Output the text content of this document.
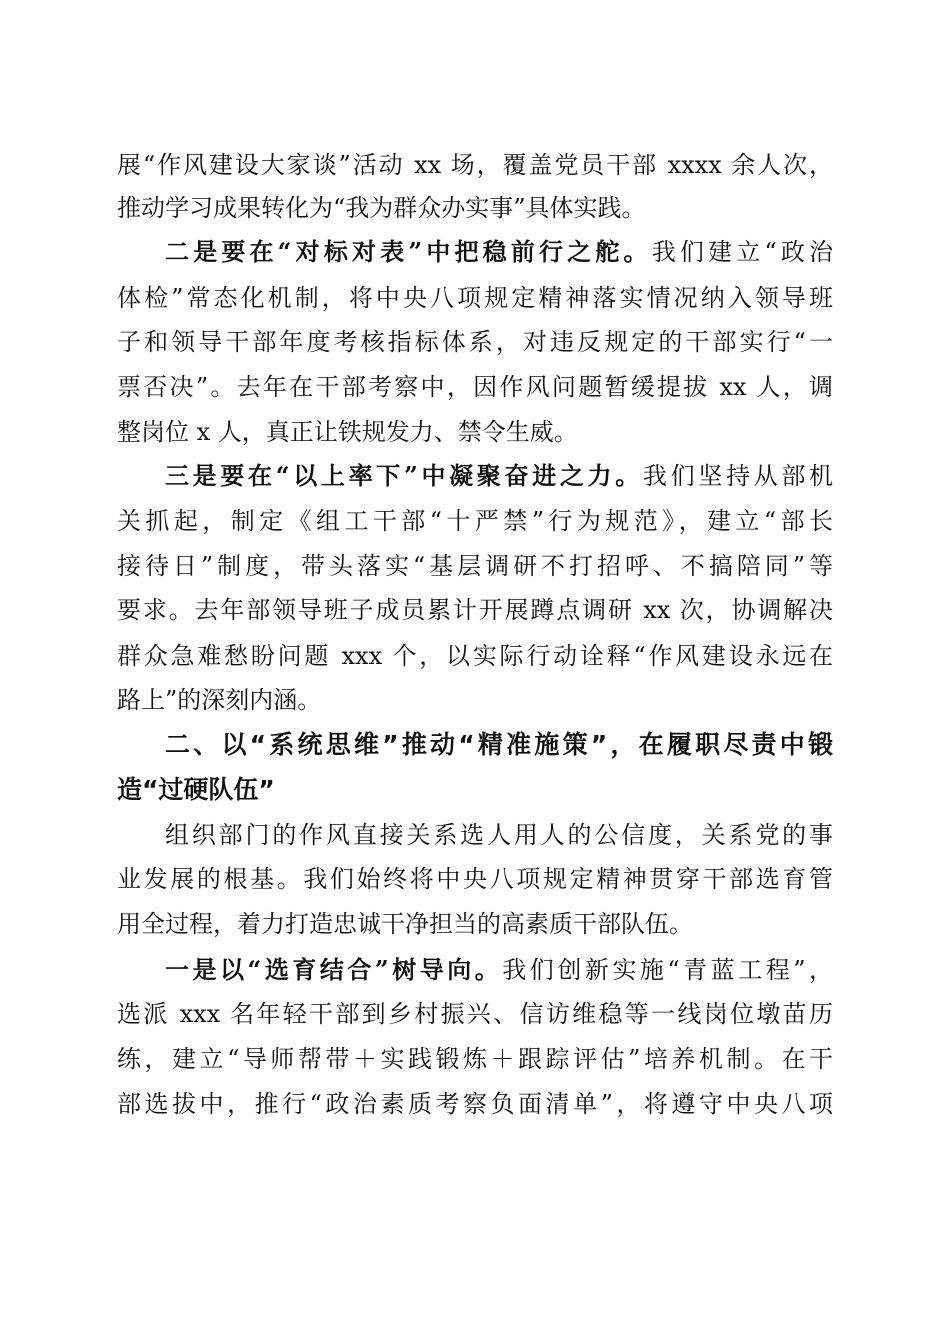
展“作风建设大家谈”活动 xx 场，覆盖党员干部 xxxx 余人次，
推动学习成果转化为“我为群众办实事”具体实践。
二是要在“对标对表”中把稳前行之舵。我们建立“政治
体检”常态化机制，将中央八项规定精神落实情况纳入领导班
子和领导干部年度考核指标体系，对违反规定的干部实行“一
票否决”。去年在干部考察中，因作风问题暂缓提拔 xx 人，调
整岗位 x 人，真正让铁规发力、禁令生威。
三是要在“以上率下”中凝聚奋进之力。我们坚持从部机
关抓起，制定《组工干部“十严禁”行为规范》，建立“部长
接待日”制度，带头落实“基层调研不打招呼、不搞陪同”等
要求。去年部领导班子成员累计开展蹲点调研 xx 次，协调解决
群众急难愁盼问题 xxx 个，以实际行动诠释“作风建设永远在
路上”的深刻内涵。
二、以“系统思维”推动“精准施策”，在履职尽责中锻
造“过硬队伍”
组织部门的作风直接关系选人用人的公信度，关系党的事
业发展的根基。我们始终将中央八项规定精神贯穿干部选育管
用全过程，着力打造忠诚干净担当的高素质干部队伍。
一是以“选育结合”树导向。我们创新实施“青蓝工程”，
选派 xxx 名年轻干部到乡村振兴、信访维稳等一线岗位墩苗历
练，建立“导师帮带＋实践锻炼＋跟踪评估”培养机制。在干
部选拔中，推行“政治素质考察负面清单”，将遵守中央八项
